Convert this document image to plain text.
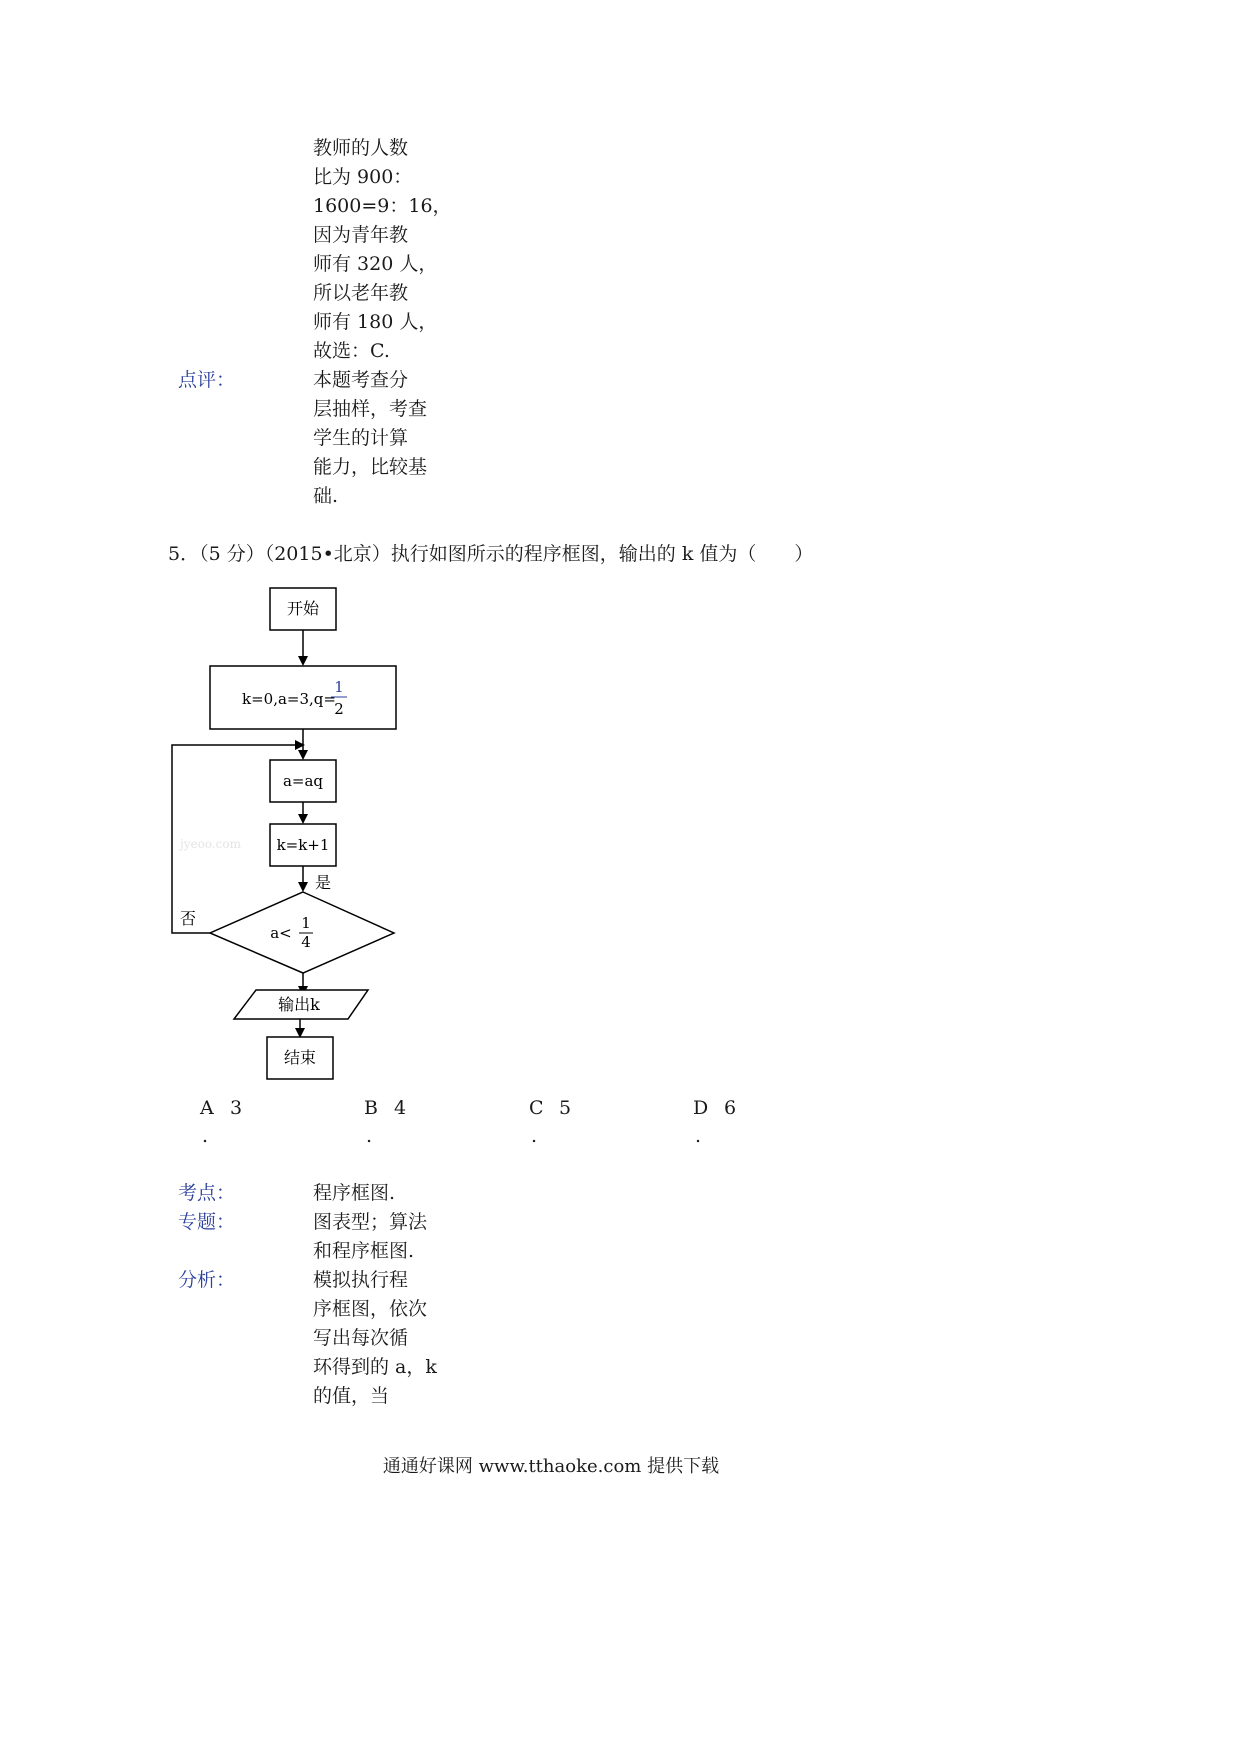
教师的人数
比为 900：
1600=9：16，
因为青年教
师有 320 人，
所以老年教
师有 180 人，
故选：C.
点评：	本题考查分
层抽样，考查
学生的计算
能力，比较基
础.
5．（5 分）（2015•北京）执行如图所示的程序框图，输出的 k 值为（　　）
开始
k=0,a=3,q=
1
2
a=aq
k=k+1
jyeoo.com
是
a<
1
4
否
输出k
结束
A 3
.
B 4
.
C 5
.
D 6
.
考点：	程序框图.
专题：	图表型；算法
和程序框图.
分析：	模拟执行程
序框图，依次
写出每次循
环得到的 a，k
的值，当
通通好课网 www.tthaoke.com 提供下载
